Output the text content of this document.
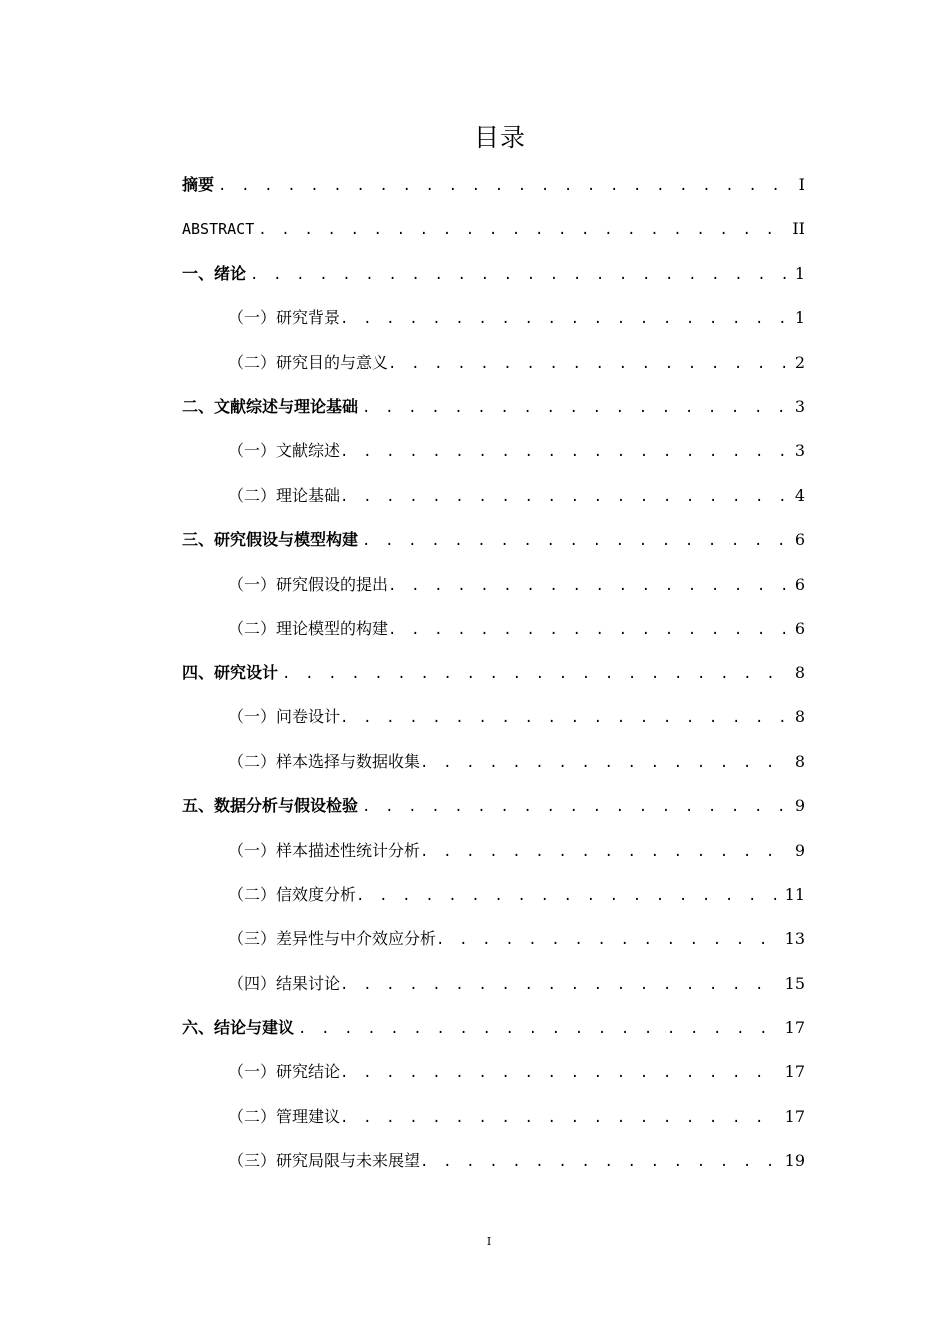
目录
摘要 . . .	I
ABSTRACT . . .	II
一、绪论 . . .	1
（一）研究背景 . . .	1
（二）研究目的与意义 . . .	2
二、文献综述与理论基础 . . .	3
（一）文献综述 . . .	3
（二）理论基础 . . .	4
三、研究假设与模型构建 . . .	6
（一）研究假设的提出 . . .	6
（二）理论模型的构建 . . .	6
四、研究设计 . . .	8
（一）问卷设计 . . .	8
（二）样本选择与数据收集 . . .	8
五、数据分析与假设检验 . . .	9
（一）样本描述性统计分析 . . .	9
（二）信效度分析 . . .	11
（三）差异性与中介效应分析 . . .	13
（四）结果讨论 . . .	15
六、结论与建议 . . .	17
（一）研究结论 . . .	17
（二）管理建议 . . .	17
（三）研究局限与未来展望 . . .	19
I
